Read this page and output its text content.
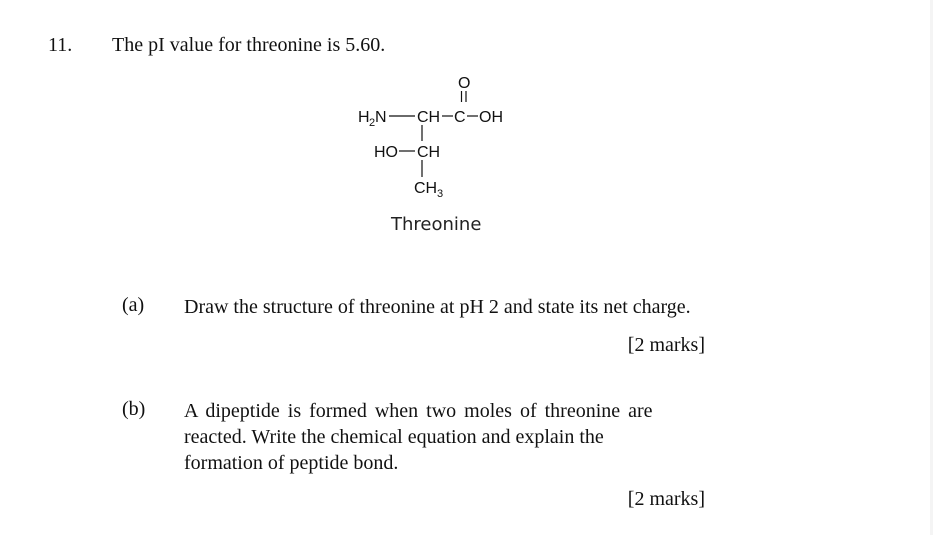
11. The pI value for threonine is 5.60.
O
H 2 N CH C OH
HO CH
CH 3
Threonine
(a) Draw the structure of threonine at pH 2 and state its net charge.
[2 marks]
(b) A dipeptide is formed when two moles of threonine are
reacted. Write the chemical equation and explain the
formation of peptide bond.
[2 marks]
